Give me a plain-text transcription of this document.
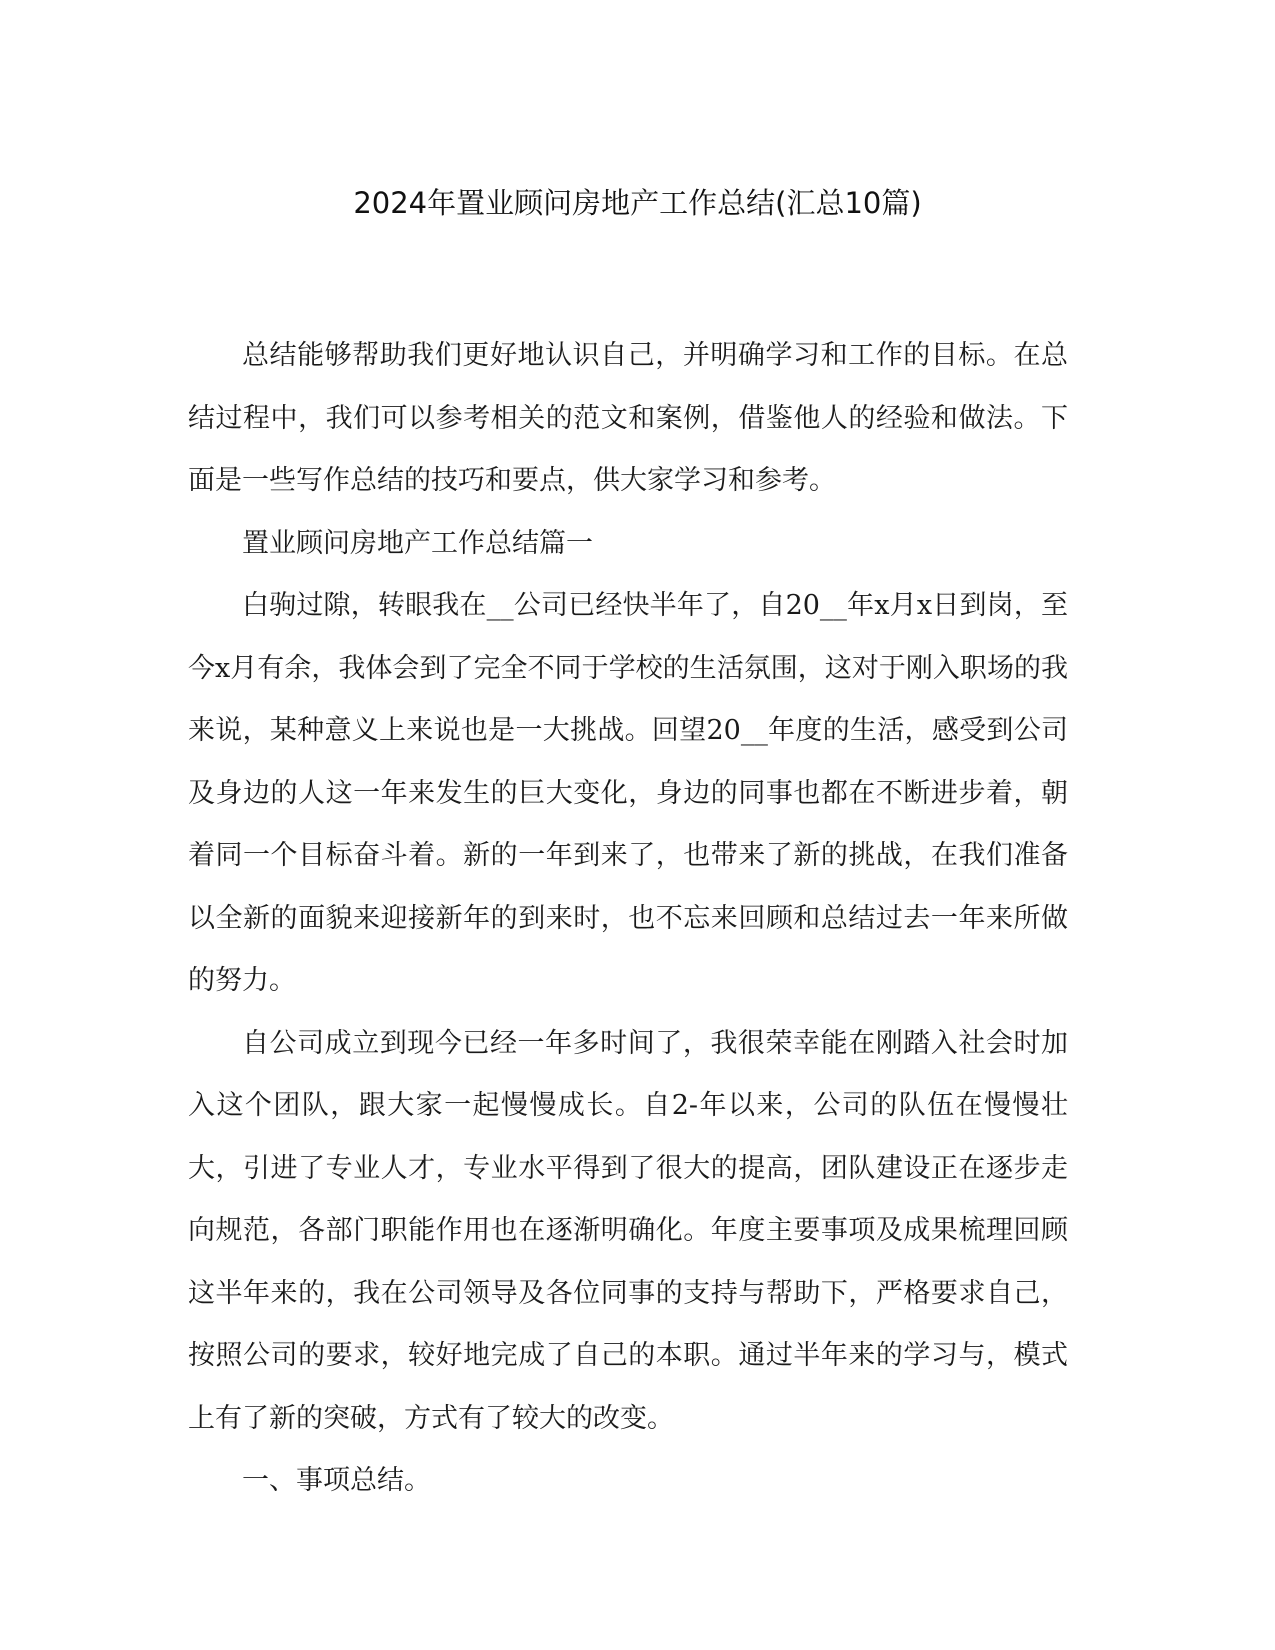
2024年置业顾问房地产工作总结(汇总10篇)

总结能够帮助我们更好地认识自己，并明确学习和工作的目标。在总结过程中，我们可以参考相关的范文和案例，借鉴他人的经验和做法。下面是一些写作总结的技巧和要点，供大家学习和参考。

置业顾问房地产工作总结篇一

白驹过隙，转眼我在__公司已经快半年了，自20__年x月x日到岗，至今x月有余，我体会到了完全不同于学校的生活氛围，这对于刚入职场的我来说，某种意义上来说也是一大挑战。回望20__年度的生活，感受到公司及身边的人这一年来发生的巨大变化，身边的同事也都在不断进步着，朝着同一个目标奋斗着。新的一年到来了，也带来了新的挑战，在我们准备以全新的面貌来迎接新年的到来时，也不忘来回顾和总结过去一年来所做的努力。

自公司成立到现今已经一年多时间了，我很荣幸能在刚踏入社会时加入这个团队，跟大家一起慢慢成长。自2-年以来，公司的队伍在慢慢壮大，引进了专业人才，专业水平得到了很大的提高，团队建设正在逐步走向规范，各部门职能作用也在逐渐明确化。年度主要事项及成果梳理回顾这半年来的，我在公司领导及各位同事的支持与帮助下，严格要求自己，按照公司的要求，较好地完成了自己的本职。通过半年来的学习与，模式上有了新的突破，方式有了较大的改变。

一、事项总结。
